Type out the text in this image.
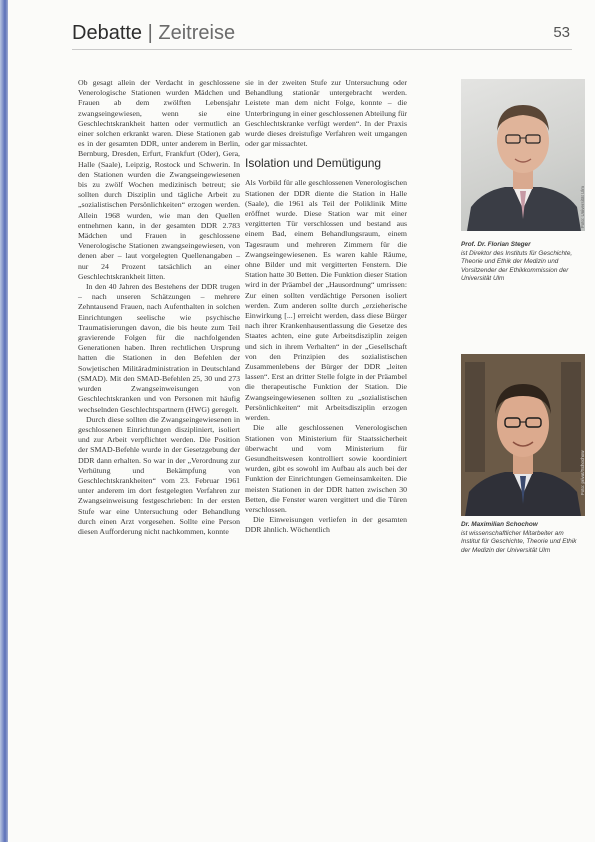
Debatte | Zeitreise	53

Ob gesagt allein der Verdacht in geschlossene Venerologische Stationen wurden Mädchen und Frauen ab dem zwölften Lebensjahr zwangseingewiesen, wenn sie eine Geschlechtskrankheit hatten oder vermutlich an einer solchen erkrankt waren. Diese Stationen gab es in der gesamten DDR, unter anderem in Berlin, Bernburg, Dresden, Erfurt, Frankfurt (Oder), Gera, Halle (Saale), Leipzig, Rostock und Schwerin. In den Stationen wurden die Zwangseingewiesenen bis zu zwölf Wochen medizinisch betreut; sie sollten durch Disziplin und tägliche Arbeit zu „sozialistischen Persönlichkeiten“ erzogen werden. Allein 1968 wurden, wie man den Quellen entnehmen kann, in der gesamten DDR 2.783 Mädchen und Frauen in geschlossene Venerologische Stationen zwangseingewiesen, von denen aber – laut vorgelegten Quellenangaben – nur 24 Prozent tatsächlich an einer Geschlechtskrankheit litten.

In den 40 Jahren des Bestehens der DDR trugen – nach unseren Schätzungen – mehrere Zehntausend Frauen, nach Aufenthalten in solchen Einrichtungen seelische wie psychische Traumatisierungen davon, die bis heute zum Teil gravierende Folgen für die nachfolgenden Generationen haben. Ihren rechtlichen Ursprung hatten die Stationen in den Befehlen der Sowjetischen Militäradministration in Deutschland (SMAD). Mit den SMAD-Befehlen 25, 30 und 273 wurden Zwangseinweisungen von Geschlechtskranken und von Personen mit häufig wechselnden Geschlechtspartnern (HWG) geregelt.

Durch diese sollten die Zwangseingewiesenen in geschlossenen Einrichtungen diszipliniert, isoliert und zur Arbeit verpflichtet werden. Die Position der SMAD-Befehle wurde in der Gesetzgebung der DDR dann erhalten. So war in der „Verordnung zur Verhütung und Bekämpfung von Geschlechtskrankheiten“ vom 23. Februar 1961 unter anderem im dort festgelegten Verfahren zur Zwangseinweisung festgeschrieben: In der ersten Stufe war eine Untersuchung oder Behandlung durch einen Arzt vorgesehen. Sollte eine Person diesen Aufforderung nicht nachkommen, konnte

sie in der zweiten Stufe zur Untersuchung oder Behandlung stationär untergebracht werden. Leistete man dem nicht Folge, konnte – die Unterbringung in einer geschlossenen Abteilung für Geschlechtskranke verfügt werden“. In der Praxis wurde dieses dreistufige Verfahren weit umgangen oder gar missachtet.

Isolation und Demütigung

Als Vorbild für alle geschlossenen Venerologischen Stationen der DDR diente die Station in Halle (Saale), die 1961 als Teil der Poliklinik Mitte eröffnet wurde. Diese Station war mit einer vergitterten Tür verschlossen und bestand aus einem Bad, einem Behandlungsraum, einem Tagesraum und mehreren Zimmern für die Zwangseingewiesenen. Es waren kahle Räume, ohne Bilder und mit vergitterten Fenstern. Die Station hatte 30 Betten. Die Funktion dieser Station wird in der Präambel der „Hausordnung“ umrissen: Zur einen sollten verdächtige Personen isoliert werden. Zum anderen sollte durch „erzieherische Einwirkung [...] erreicht werden, dass diese Bürger nach ihrer Krankenhausentlassung die Gesetze des Staates achten, eine gute Arbeitsdisziplin zeigen und sich in ihrem Verhalten“ in der „Gesellschaft von den Prinzipien des sozialistischen Zusammenlebens der Bürger der DDR „leiten lassen“. Erst an dritter Stelle folgte in der Präambel die therapeutische Funktion der Station. Die Zwangseingewiesenen sollten zu „sozialistischen Persönlichkeiten“ mit Arbeitsdisziplin erzogen werden.

Die alle geschlossenen Venerologischen Stationen von Ministerium für Staatssicherheit überwacht und vom Ministerium für Gesundheitswesen kontrolliert sowie koordiniert wurden, gibt es sowohl im Aufbau als auch bei der Funktion der Einrichtungen Gemeinsamkeiten. Die meisten Stationen in der DDR hatten zwischen 30 Betten, die Fenster waren vergittert und die Türen verschlossen.

Die Einweisungen verliefen in der gesamten DDR ähnlich. Wöchentlich

Foto: Universität Ulm
Prof. Dr. Florian Steger
ist Direktor des Instituts für Geschichte, Theorie und Ethik der Medizin und Vorsitzender der Ethikkommission der Universität Ulm
Foto: privat/Schochow
Dr. Maximilian Schochow
ist wissenschaftlicher Mitarbeiter am Institut für Geschichte, Theorie und Ethik der Medizin der Universität Ulm
